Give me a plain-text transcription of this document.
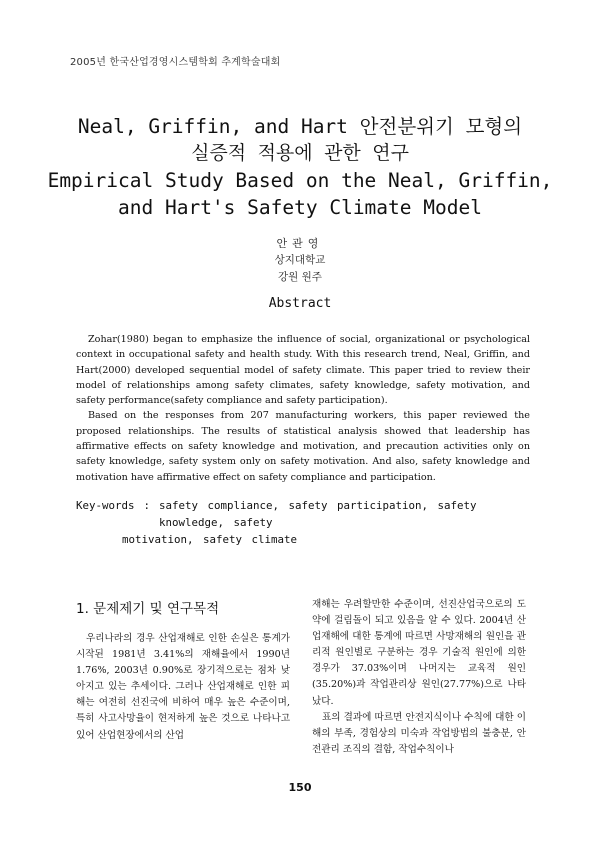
2005년 한국산업경영시스템학회 추계학술대회
Neal, Griffin, and Hart 안전분위기 모형의
실증적 적용에 관한 연구
Empirical Study Based on the Neal, Griffin,
and Hart's Safety Climate Model
안관영
상지대학교
강원 원주
Abstract

Zohar(1980) began to emphasize the influence of social, organizational or psychological context in occupational safety and health study. With this research trend, Neal, Griffin, and Hart(2000) developed sequential model of safety climate. This paper tried to review their model of relationships among safety climates, safety knowledge, safety motivation, and safety performance(safety compliance and safety participation).

Based on the responses from 207 manufacturing workers, this paper reviewed the proposed relationships. The results of statistical analysis showed that leadership has affirmative effects on safety knowledge and motivation, and precaution activities only on safety knowledge, safety system only on safety motivation. And also, safety knowledge and motivation have affirmative effect on safety compliance and participation.

Key-words : safety compliance, safety participation, safety knowledge, safety
motivation, safety climate
1. 문제제기 및 연구목적

우리나라의 경우 산업재해로 인한 손실은 통계가 시작된 1981년 3.41%의 재해율에서 1990년 1.76%, 2003년 0.90%로 장기적으로는 점차 낮아지고 있는 추세이다. 그러나 산업재해로 인한 피해는 여전히 선진국에 비하여 매우 높은 수준이며, 특히 사고사망율이 현저하게 높은 것으로 나타나고 있어 산업현장에서의 산업

재해는 우려할만한 수준이며, 선진산업국으로의 도약에 걸림돌이 되고 있음을 알 수 있다. 2004년 산업재해에 대한 통계에 따르면 사망재해의 원인을 관리적 원인별로 구분하는 경우 기술적 원인에 의한 경우가 37.03%이며 나머지는 교육적 원인(35.20%)과 작업관리상 원인(27.77%)으로 나타났다.

표의 결과에 따르면 안전지식이나 수칙에 대한 이해의 부족, 경험상의 미숙과 작업방법의 불충분, 안전관리 조직의 결함, 작업수칙이나

150
